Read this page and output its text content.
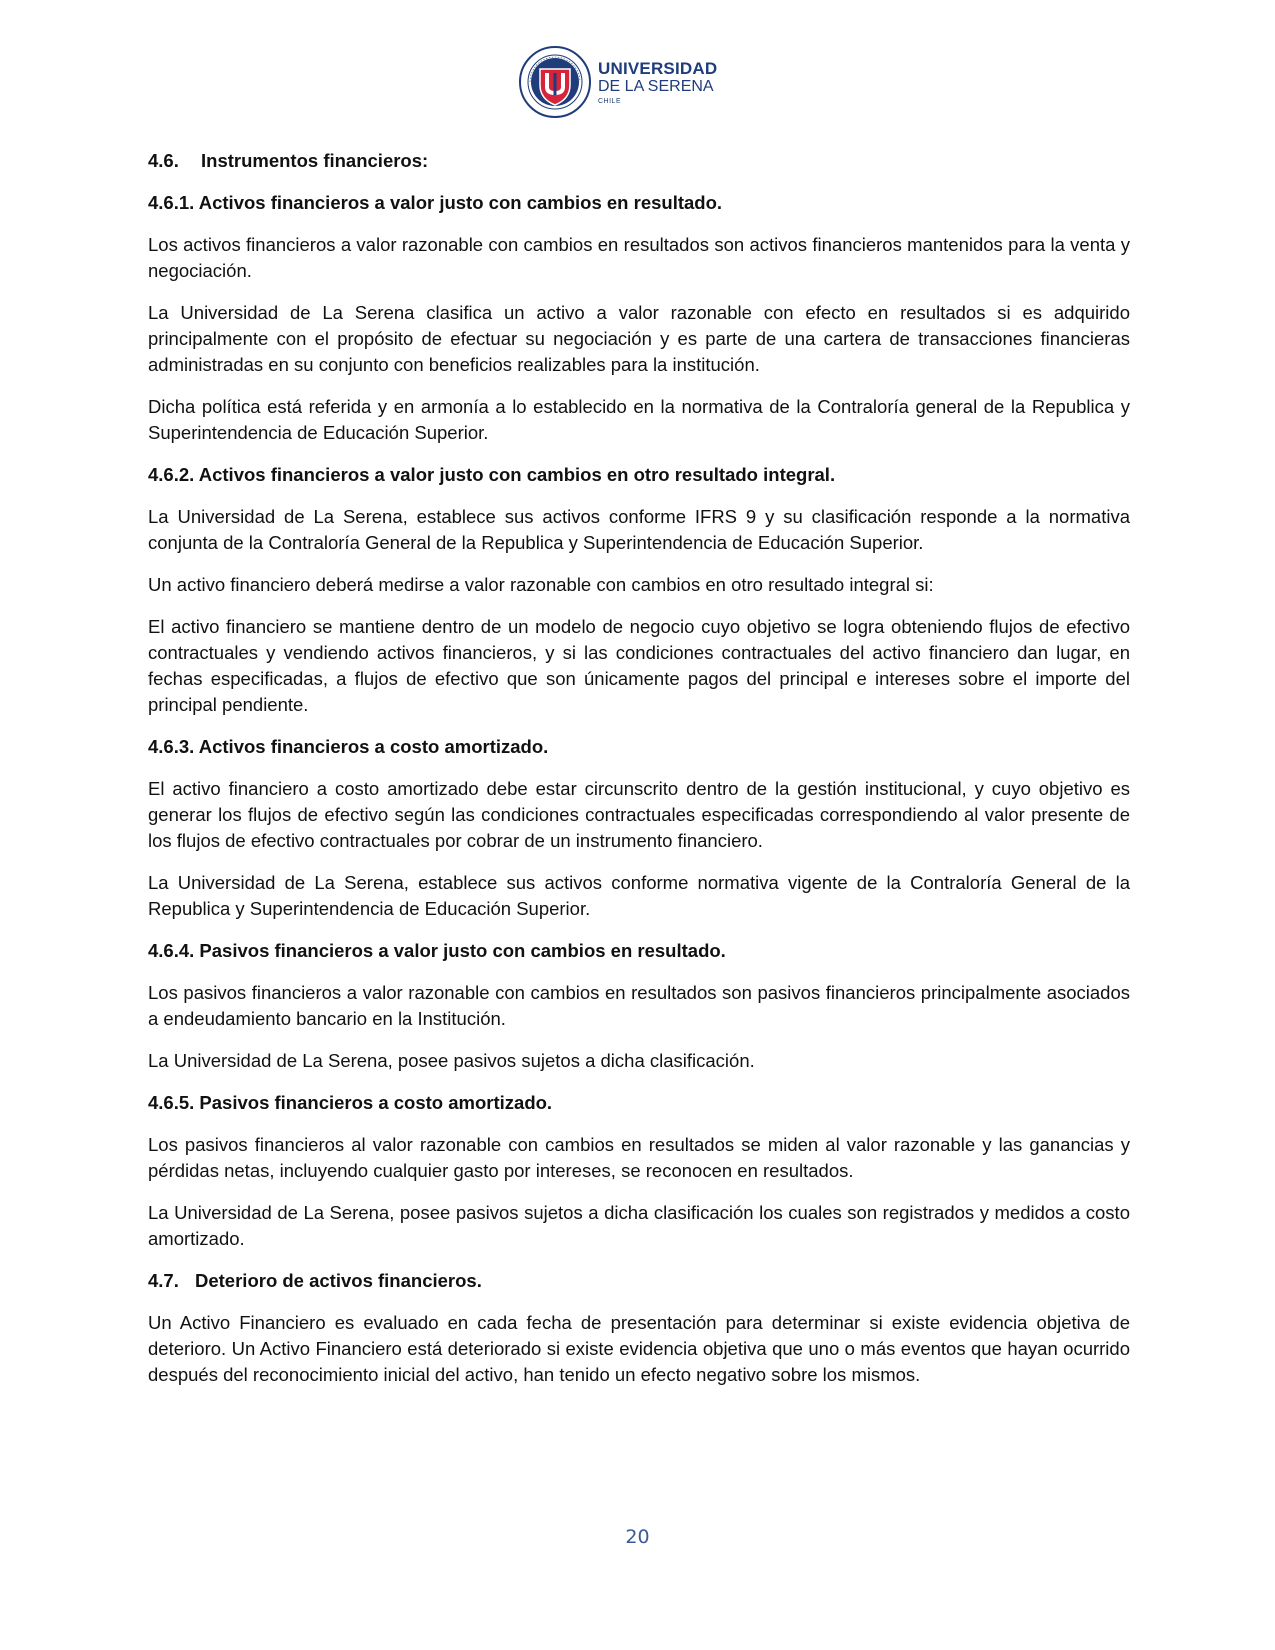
UNIVERSIDAD
DE LA SERENA
CHILE
4.6. Instrumentos financieros:
4.6.1. Activos financieros a valor justo con cambios en resultado.
Los activos financieros a valor razonable con cambios en resultados son activos financieros mantenidos para la venta y negociación.
La Universidad de La Serena clasifica un activo a valor razonable con efecto en resultados si es adquirido principalmente con el propósito de efectuar su negociación y es parte de una cartera de transacciones financieras administradas en su conjunto con beneficios realizables para la institución.
Dicha política está referida y en armonía a lo establecido en la normativa de la Contraloría general de la Republica y Superintendencia de Educación Superior.
4.6.2. Activos financieros a valor justo con cambios en otro resultado integral.
La Universidad de La Serena, establece sus activos conforme IFRS 9 y su clasificación responde a la normativa conjunta de la Contraloría General de la Republica y Superintendencia de Educación Superior.
Un activo financiero deberá medirse a valor razonable con cambios en otro resultado integral si:
El activo financiero se mantiene dentro de un modelo de negocio cuyo objetivo se logra obteniendo flujos de efectivo contractuales y vendiendo activos financieros, y si las condiciones contractuales del activo financiero dan lugar, en fechas especificadas, a flujos de efectivo que son únicamente pagos del principal e intereses sobre el importe del principal pendiente.
4.6.3. Activos financieros a costo amortizado.
El activo financiero a costo amortizado debe estar circunscrito dentro de la gestión institucional, y cuyo objetivo es generar los flujos de efectivo según las condiciones contractuales especificadas correspondiendo al valor presente de los flujos de efectivo contractuales por cobrar de un instrumento financiero.
La Universidad de La Serena, establece sus activos conforme normativa vigente de la Contraloría General de la Republica y Superintendencia de Educación Superior.
4.6.4. Pasivos financieros a valor justo con cambios en resultado.
Los pasivos financieros a valor razonable con cambios en resultados son pasivos financieros principalmente asociados a endeudamiento bancario en la Institución.
La Universidad de La Serena, posee pasivos sujetos a dicha clasificación.
4.6.5. Pasivos financieros a costo amortizado.
Los pasivos financieros al valor razonable con cambios en resultados se miden al valor razonable y las ganancias y pérdidas netas, incluyendo cualquier gasto por intereses, se reconocen en resultados.
La Universidad de La Serena, posee pasivos sujetos a dicha clasificación los cuales son registrados y medidos a costo amortizado.
4.7. Deterioro de activos financieros.
Un Activo Financiero es evaluado en cada fecha de presentación para determinar si existe evidencia objetiva de deterioro. Un Activo Financiero está deteriorado si existe evidencia objetiva que uno o más eventos que hayan ocurrido después del reconocimiento inicial del activo, han tenido un efecto negativo sobre los mismos.
20
